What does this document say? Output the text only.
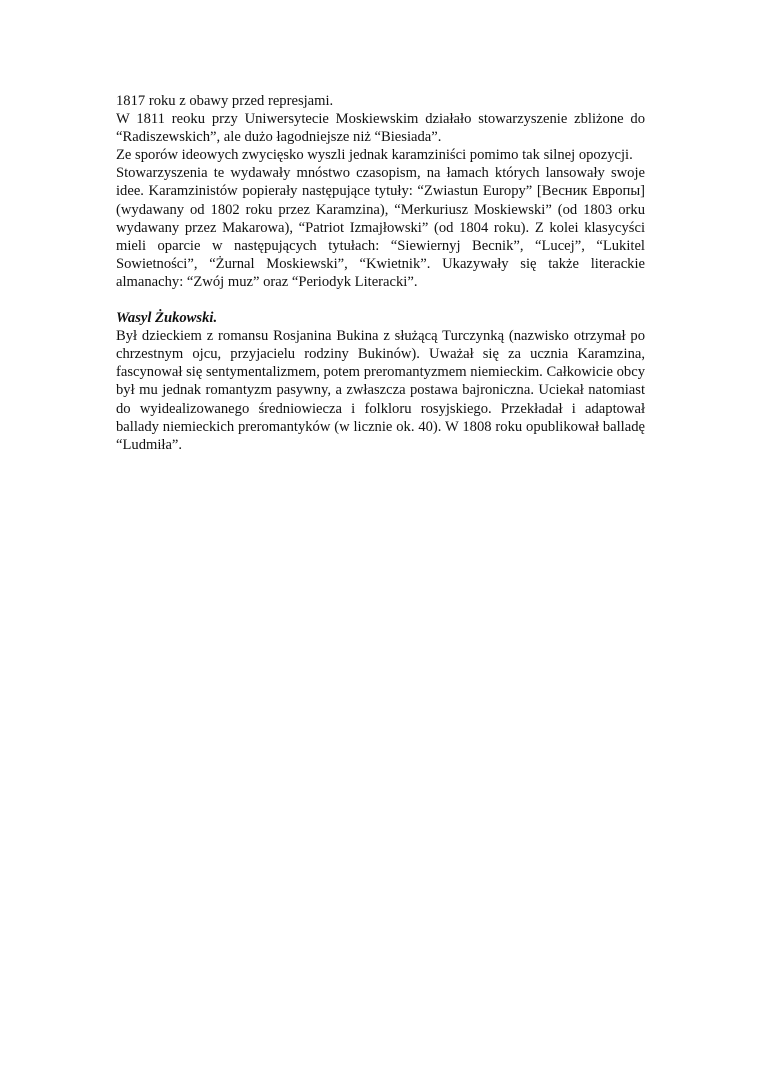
1817 roku z obawy przed represjami.

W 1811 reoku przy Uniwersytecie Moskiewskim działało stowarzyszenie zbliżone do “Radiszewskich”, ale dużo łagodniejsze niż “Biesiada”.

Ze sporów ideowych zwycięsko wyszli jednak karamziniści pomimo tak silnej opozycji.

Stowarzyszenia te wydawały mnóstwo czasopism, na łamach których lansowały swoje idee. Karamzinistów popierały następujące tytuły: “Zwiastun Europy” [Весник Европы] (wydawany od 1802 roku przez Karamzina), “Merkuriusz Moskiewski” (od 1803 orku wydawany przez Makarowa), “Patriot Izmajłowski” (od 1804 roku). Z kolei klasycyści mieli oparcie w następujących tytułach: “Siewiernyj Becnik”, “Lucej”, “Lukitel Sowietności”, “Żurnal Moskiewski”, “Kwietnik”. Ukazywały się także literackie almanachy: “Zwój muz” oraz “Periodyk Literacki”.

Wasyl Żukowski.

Był dzieckiem z romansu Rosjanina Bukina z służącą Turczynką (nazwisko otrzymał po chrzestnym ojcu, przyjacielu rodziny Bukinów). Uważał się za ucznia Karamzina, fascynował się sentymentalizmem, potem preromantyzmem niemieckim. Całkowicie obcy był mu jednak romantyzm pasywny, a zwłaszcza postawa bajroniczna. Uciekał natomiast do wyidealizowanego średniowiecza i folkloru rosyjskiego. Przekładał i adaptował ballady niemieckich preromantyków (w licznie ok. 40). W 1808 roku opublikował balladę “Ludmiła”.
